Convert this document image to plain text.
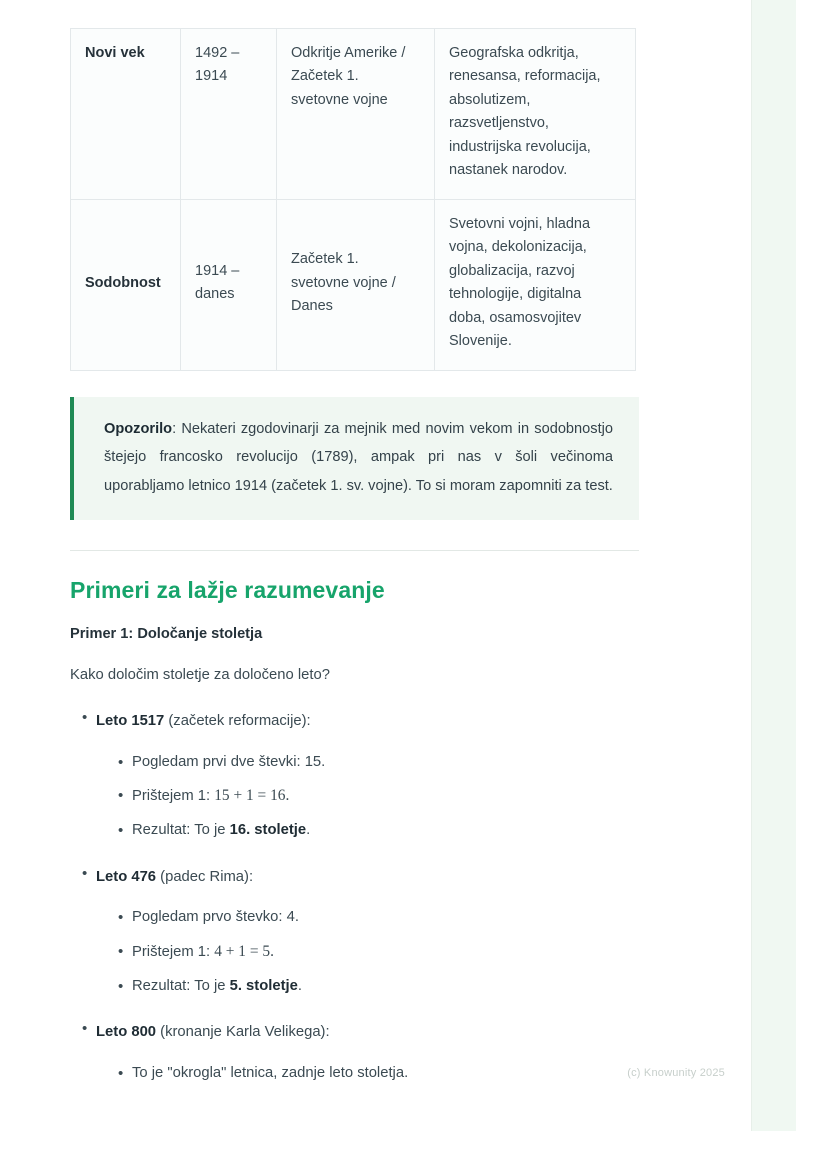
Novi vek	1492 – 1914	Odkritje Amerike / Začetek 1. svetovne vojne	Geografska odkritja, renesansa, reformacija, absolutizem, razsvetljenstvo, industrijska revolucija, nastanek narodov.
Sodobnost	1914 – danes	Začetek 1. svetovne vojne / Danes	Svetovni vojni, hladna vojna, dekolonizacija, globalizacija, razvoj tehnologije, digitalna doba, osamosvojitev Slovenije.

Opozorilo: Nekateri zgodovinarji za mejnik med novim vekom in sodobnostjo štejejo francosko revolucijo (1789), ampak pri nas v šoli večinoma uporabljamo letnico 1914 (začetek 1. sv. vojne). To si moram zapomniti za test.

Primeri za lažje razumevanje
Primer 1: Določanje stoletja

Kako določim stoletje za določeno leto?

• Leto 1517 (začetek reformacije):
• Pogledam prvi dve števki: 15.
• Prištejem 1: 15 + 1 = 16.
• Rezultat: To je 16. stoletje.
• Leto 476 (padec Rima):
• Pogledam prvo števko: 4.
• Prištejem 1: 4 + 1 = 5.
• Rezultat: To je 5. stoletje.
• Leto 800 (kronanje Karla Velikega):
• To je "okrogla" letnica, zadnje leto stoletja.	(c) Knowunity 2025
